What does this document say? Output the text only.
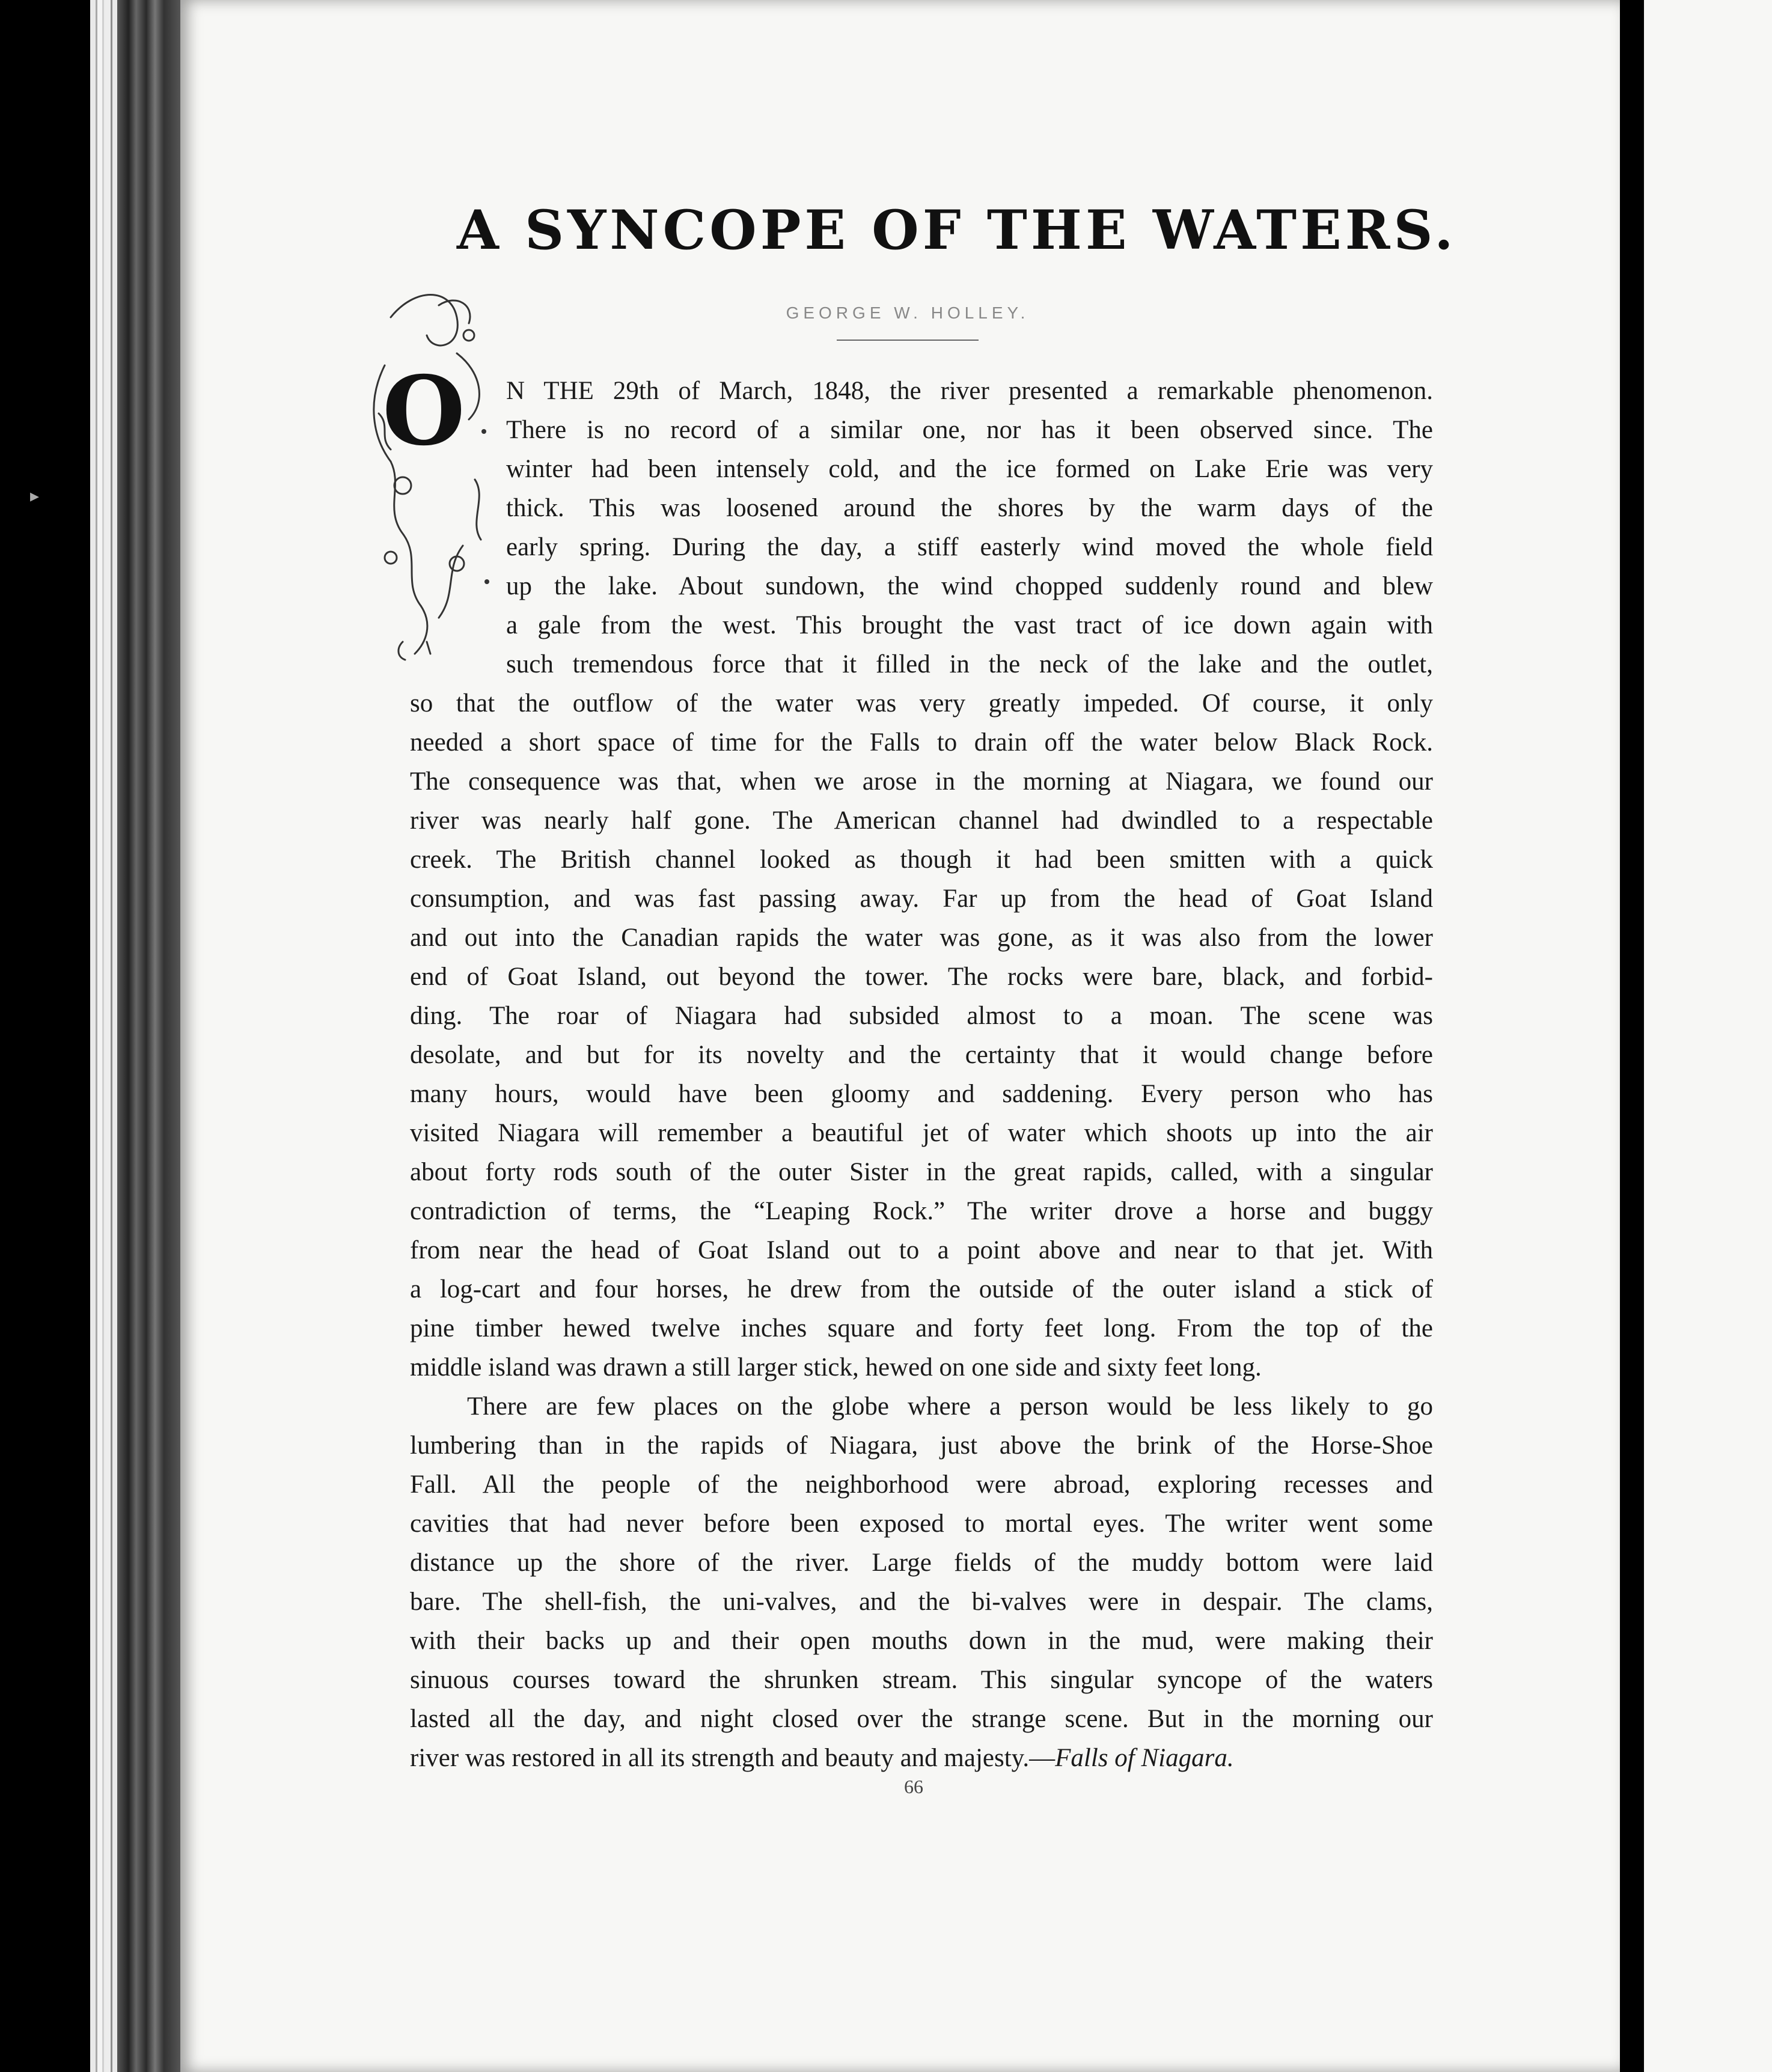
▸
A SYNCOPE OF THE WATERS.
GEORGE W. HOLLEY.
O N THE 29th of March, 1848, the river presented a remarkable phenomenon.
There is no record of a similar one, nor has it been observed since. The
winter had been intensely cold, and the ice formed on Lake Erie was very
thick. This was loosened around the shores by the warm days of the
early spring. During the day, a stiff easterly wind moved the whole field
up the lake. About sundown, the wind chopped suddenly round and blew
a gale from the west. This brought the vast tract of ice down again with
such tremendous force that it filled in the neck of the lake and the outlet,
so that the outflow of the water was very greatly impeded. Of course, it only
needed a short space of time for the Falls to drain off the water below Black Rock.
The consequence was that, when we arose in the morning at Niagara, we found our
river was nearly half gone. The American channel had dwindled to a respectable
creek. The British channel looked as though it had been smitten with a quick
consumption, and was fast passing away. Far up from the head of Goat Island
and out into the Canadian rapids the water was gone, as it was also from the lower
end of Goat Island, out beyond the tower. The rocks were bare, black, and forbid-
ding. The roar of Niagara had subsided almost to a moan. The scene was
desolate, and but for its novelty and the certainty that it would change before
many hours, would have been gloomy and saddening. Every person who has
visited Niagara will remember a beautiful jet of water which shoots up into the air
about forty rods south of the outer Sister in the great rapids, called, with a singular
contradiction of terms, the “Leaping Rock.” The writer drove a horse and buggy
from near the head of Goat Island out to a point above and near to that jet. With
a log-cart and four horses, he drew from the outside of the outer island a stick of
pine timber hewed twelve inches square and forty feet long. From the top of the
middle island was drawn a still larger stick, hewed on one side and sixty feet long.
There are few places on the globe where a person would be less likely to go
lumbering than in the rapids of Niagara, just above the brink of the Horse-Shoe
Fall. All the people of the neighborhood were abroad, exploring recesses and
cavities that had never before been exposed to mortal eyes. The writer went some
distance up the shore of the river. Large fields of the muddy bottom were laid
bare. The shell-fish, the uni-valves, and the bi-valves were in despair. The clams,
with their backs up and their open mouths down in the mud, were making their
sinuous courses toward the shrunken stream. This singular syncope of the waters
lasted all the day, and night closed over the strange scene. But in the morning our
river was restored in all its strength and beauty and majesty.—Falls of Niagara.
66
